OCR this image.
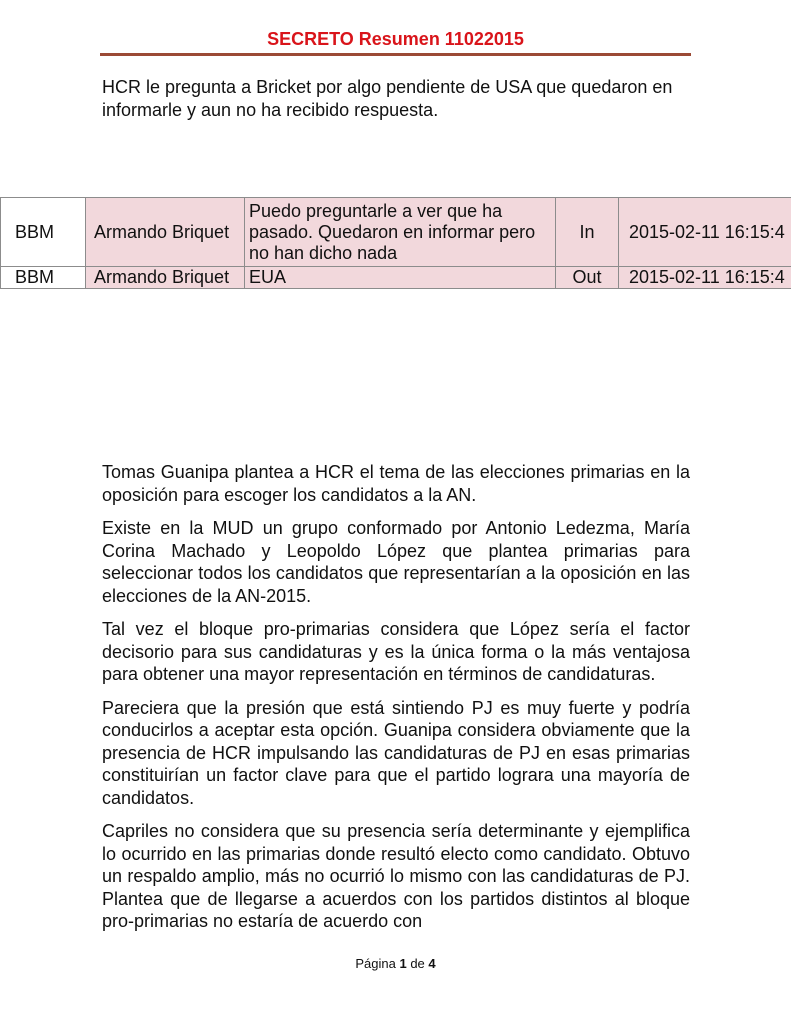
SECRETO Resumen 11022015

HCR le pregunta a Bricket por algo pendiente de USA que quedaron en informarle y aun no ha recibido respuesta.

BBM	Armando Briquet	Puedo preguntarle a ver que ha pasado. Quedaron en informar pero no han dicho nada	In	2015-02-11 16:15:4
BBM	Armando Briquet	EUA	Out	2015-02-11 16:15:4

Tomas Guanipa plantea a HCR el tema de las elecciones primarias en la oposición para escoger los candidatos a la AN.

Existe en la MUD un grupo conformado por Antonio Ledezma, María Corina Machado y Leopoldo López que plantea primarias para seleccionar todos los candidatos que representarían a la oposición en las elecciones de la AN-2015.

Tal vez el bloque pro-primarias considera que López sería el factor decisorio para sus candidaturas y es la única forma o la más ventajosa para obtener una mayor representación en términos de candidaturas.

Pareciera que la presión que está sintiendo PJ es muy fuerte y podría conducirlos a aceptar esta opción. Guanipa considera obviamente que la presencia de HCR impulsando las candidaturas de PJ en esas primarias constituirían un factor clave para que el partido lograra una mayoría de candidatos.

Capriles no considera que su presencia sería determinante y ejemplifica lo ocurrido en las primarias donde resultó electo como candidato. Obtuvo un respaldo amplio, más no ocurrió lo mismo con las candidaturas de PJ. Plantea que de llegarse a acuerdos con los partidos distintos al bloque pro-primarias no estaría de acuerdo con

Página 1 de 4
